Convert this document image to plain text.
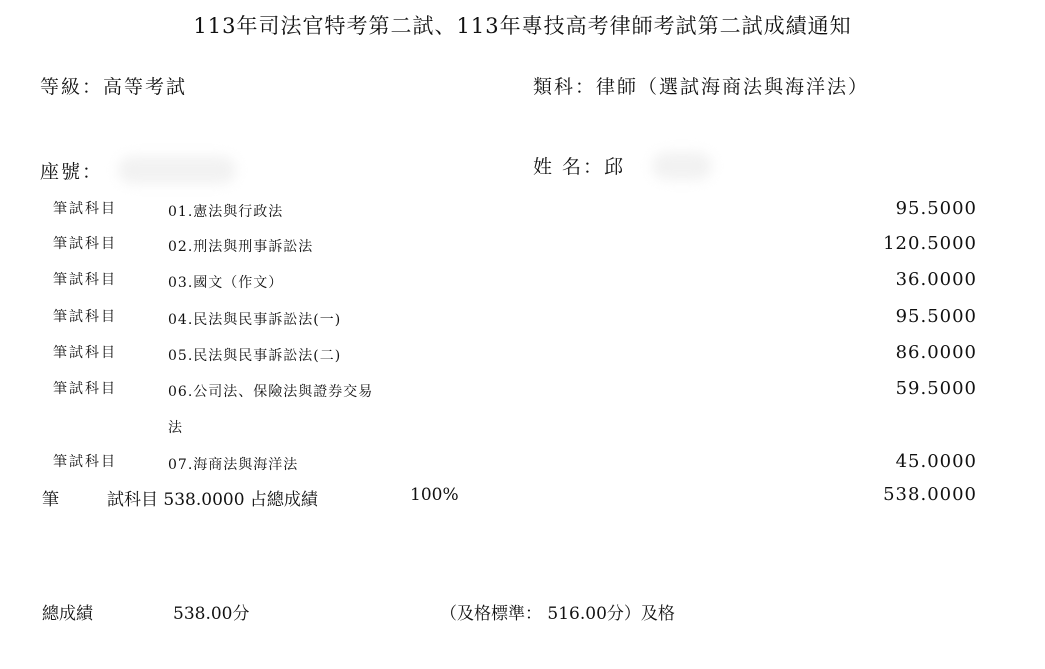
113年司法官特考第二試、113年專技高考律師考試第二試成績通知
等級：高等考試	類科：律師（選試海商法與海洋法）
座號：	姓 名：邱
筆試科目	01.憲法與行政法	95.5000
筆試科目	02.刑法與刑事訴訟法	120.5000
筆試科目	03.國文（作文）	36.0000
筆試科目	04.民法與民事訴訟法(一)	95.5000
筆試科目	05.民法與民事訴訟法(二)	86.0000
筆試科目	06.公司法、保險法與證券交易	59.5000
法
筆試科目	07.海商法與海洋法	45.0000
筆	試科目 538.0000 占總成績	100%	538.0000
總成績	538.00分	（及格標準： 516.00分）及格
